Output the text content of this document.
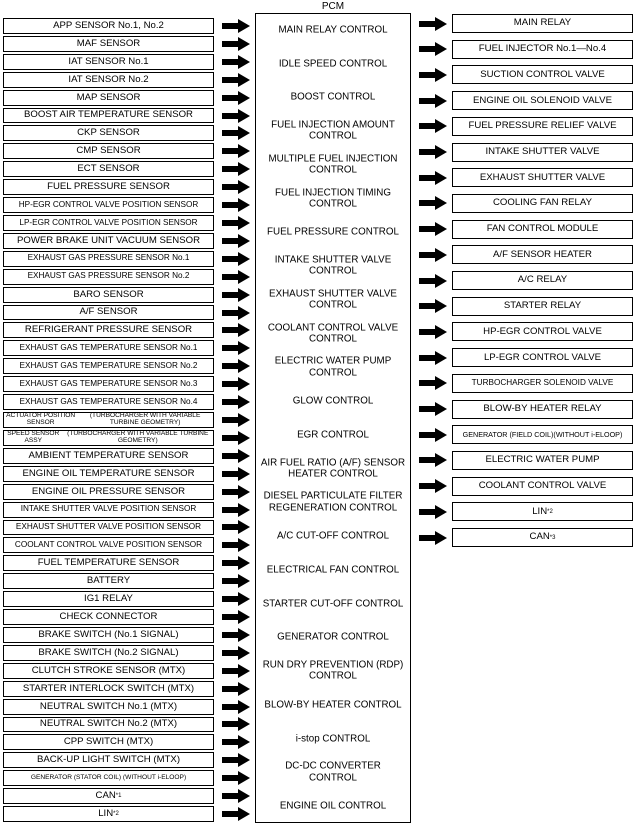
PCM
APP SENSOR No.1, No.2
MAF SENSOR
IAT SENSOR No.1
IAT SENSOR No.2
MAP SENSOR
BOOST AIR TEMPERATURE SENSOR
CKP SENSOR
CMP SENSOR
ECT SENSOR
FUEL PRESSURE SENSOR
HP-EGR CONTROL VALVE POSITION SENSOR
LP-EGR CONTROL VALVE POSITION SENSOR
POWER BRAKE UNIT VACUUM SENSOR
EXHAUST GAS PRESSURE SENSOR No.1
EXHAUST GAS PRESSURE SENSOR No.2
BARO SENSOR
A/F SENSOR
REFRIGERANT PRESSURE SENSOR
EXHAUST GAS TEMPERATURE SENSOR No.1
EXHAUST GAS TEMPERATURE SENSOR No.2
EXHAUST GAS TEMPERATURE SENSOR No.3
EXHAUST GAS TEMPERATURE SENSOR No.4
ACTUATOR POSITION SENSOR
(TURBOCHARGER WITH VARIABLE TURBINE GEOMETRY)
SPEED SENSOR ASSY
(TURBOCHARGER WITH VARIABLE TURBINE GEOMETRY)
AMBIENT TEMPERATURE SENSOR
ENGINE OIL TEMPERATURE SENSOR
ENGINE OIL PRESSURE SENSOR
INTAKE SHUTTER VALVE POSITION SENSOR
EXHAUST SHUTTER VALVE POSITION SENSOR
COOLANT CONTROL VALVE POSITION SENSOR
FUEL TEMPERATURE SENSOR
BATTERY
IG1 RELAY
CHECK CONNECTOR
BRAKE SWITCH (No.1 SIGNAL)
BRAKE SWITCH (No.2 SIGNAL)
CLUTCH STROKE SENSOR (MTX)
STARTER INTERLOCK SWITCH (MTX)
NEUTRAL SWITCH No.1 (MTX)
NEUTRAL SWITCH No.2 (MTX)
CPP SWITCH (MTX)
BACK-UP LIGHT SWITCH (MTX)
GENERATOR (STATOR COIL) (WITHOUT i-ELOOP)
CAN *1
LIN *2
MAIN RELAY CONTROL
IDLE SPEED CONTROL
BOOST CONTROL
FUEL INJECTION AMOUNT
CONTROL
MULTIPLE FUEL INJECTION
CONTROL
FUEL INJECTION TIMING
CONTROL
FUEL PRESSURE CONTROL
INTAKE SHUTTER VALVE
CONTROL
EXHAUST SHUTTER VALVE
CONTROL
COOLANT CONTROL VALVE
CONTROL
ELECTRIC WATER PUMP
CONTROL
GLOW CONTROL
EGR CONTROL
AIR FUEL RATIO (A/F) SENSOR
HEATER CONTROL
DIESEL PARTICULATE FILTER
REGENERATION CONTROL
A/C CUT-OFF CONTROL
ELECTRICAL FAN CONTROL
STARTER CUT-OFF CONTROL
GENERATOR CONTROL
RUN DRY PREVENTION (RDP)
CONTROL
BLOW-BY HEATER CONTROL
i-stop CONTROL
DC-DC CONVERTER
CONTROL
ENGINE OIL CONTROL
MAIN RELAY
FUEL INJECTOR No.1—No.4
SUCTION CONTROL VALVE
ENGINE OIL SOLENOID VALVE
FUEL PRESSURE RELIEF VALVE
INTAKE SHUTTER VALVE
EXHAUST SHUTTER VALVE
COOLING FAN RELAY
FAN CONTROL MODULE
A/F SENSOR HEATER
A/C RELAY
STARTER RELAY
HP-EGR CONTROL VALVE
LP-EGR CONTROL VALVE
TURBOCHARGER SOLENOID VALVE
BLOW-BY HEATER RELAY
GENERATOR (FIELD COIL) (WITHOUT i-ELOOP)
ELECTRIC WATER PUMP
COOLANT CONTROL VALVE
LIN *2
CAN *3
